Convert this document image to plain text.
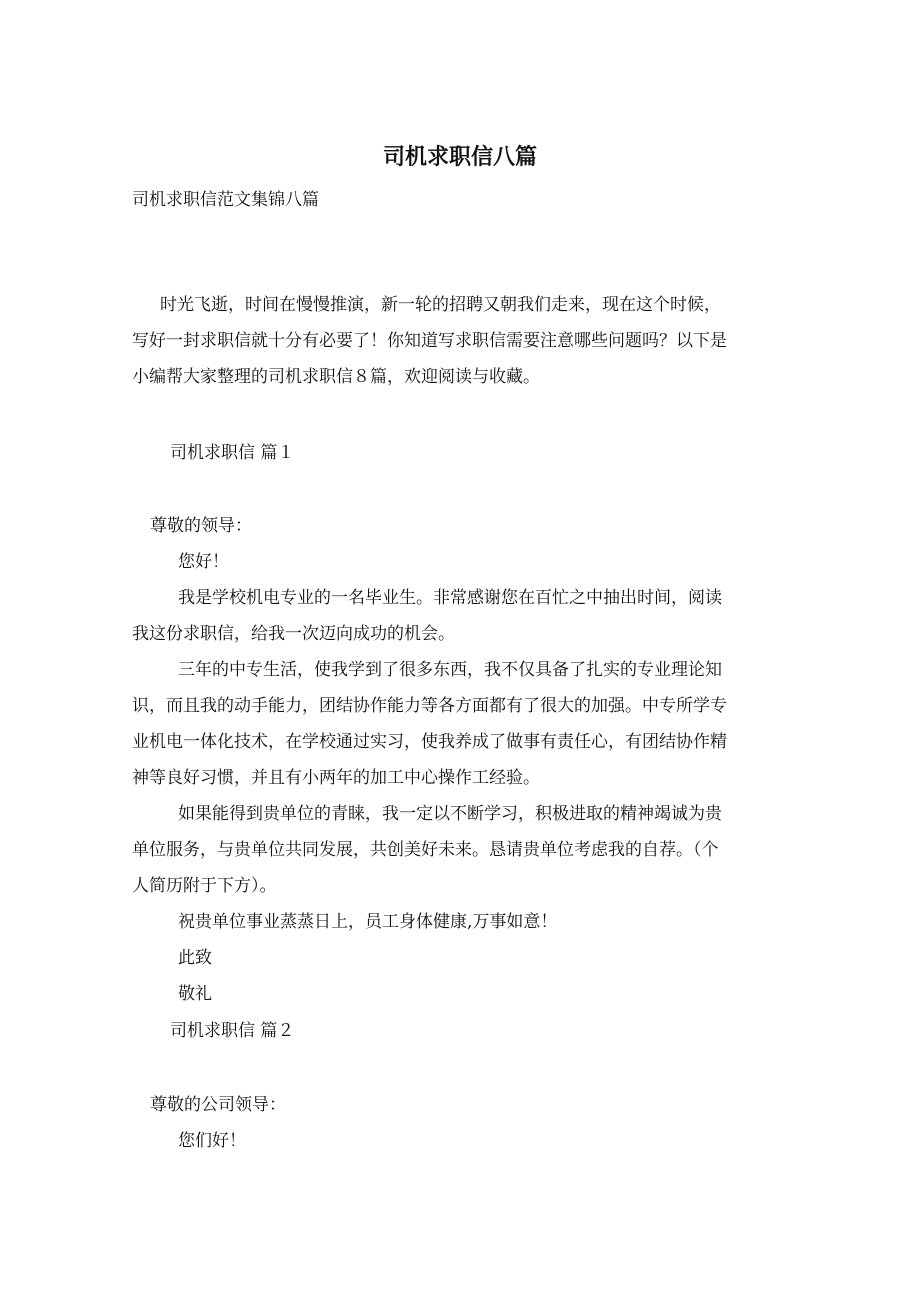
司机求职信八篇

司机求职信范文集锦八篇

时光飞逝，时间在慢慢推演，新一轮的招聘又朝我们走来，现在这个时候，
写好一封求职信就十分有必要了！你知道写求职信需要注意哪些问题吗？以下是
小编帮大家整理的司机求职信８篇，欢迎阅读与收藏。

司机求职信 篇１

尊敬的领导：

您好！

我是学校机电专业的一名毕业生。非常感谢您在百忙之中抽出时间，阅读
我这份求职信，给我一次迈向成功的机会。
三年的中专生活，使我学到了很多东西，我不仅具备了扎实的专业理论知
识，而且我的动手能力，团结协作能力等各方面都有了很大的加强。中专所学专
业机电一体化技术，在学校通过实习，使我养成了做事有责任心，有团结协作精
神等良好习惯，并且有小两年的加工中心操作工经验。
如果能得到贵单位的青睐，我一定以不断学习，积极进取的精神竭诚为贵
单位服务，与贵单位共同发展，共创美好未来。恳请贵单位考虑我的自荐。（个
人简历附于下方）。
祝贵单位事业蒸蒸日上，员工身体健康,万事如意！
此致
敬礼

司机求职信 篇２

尊敬的公司领导：

您们好！
